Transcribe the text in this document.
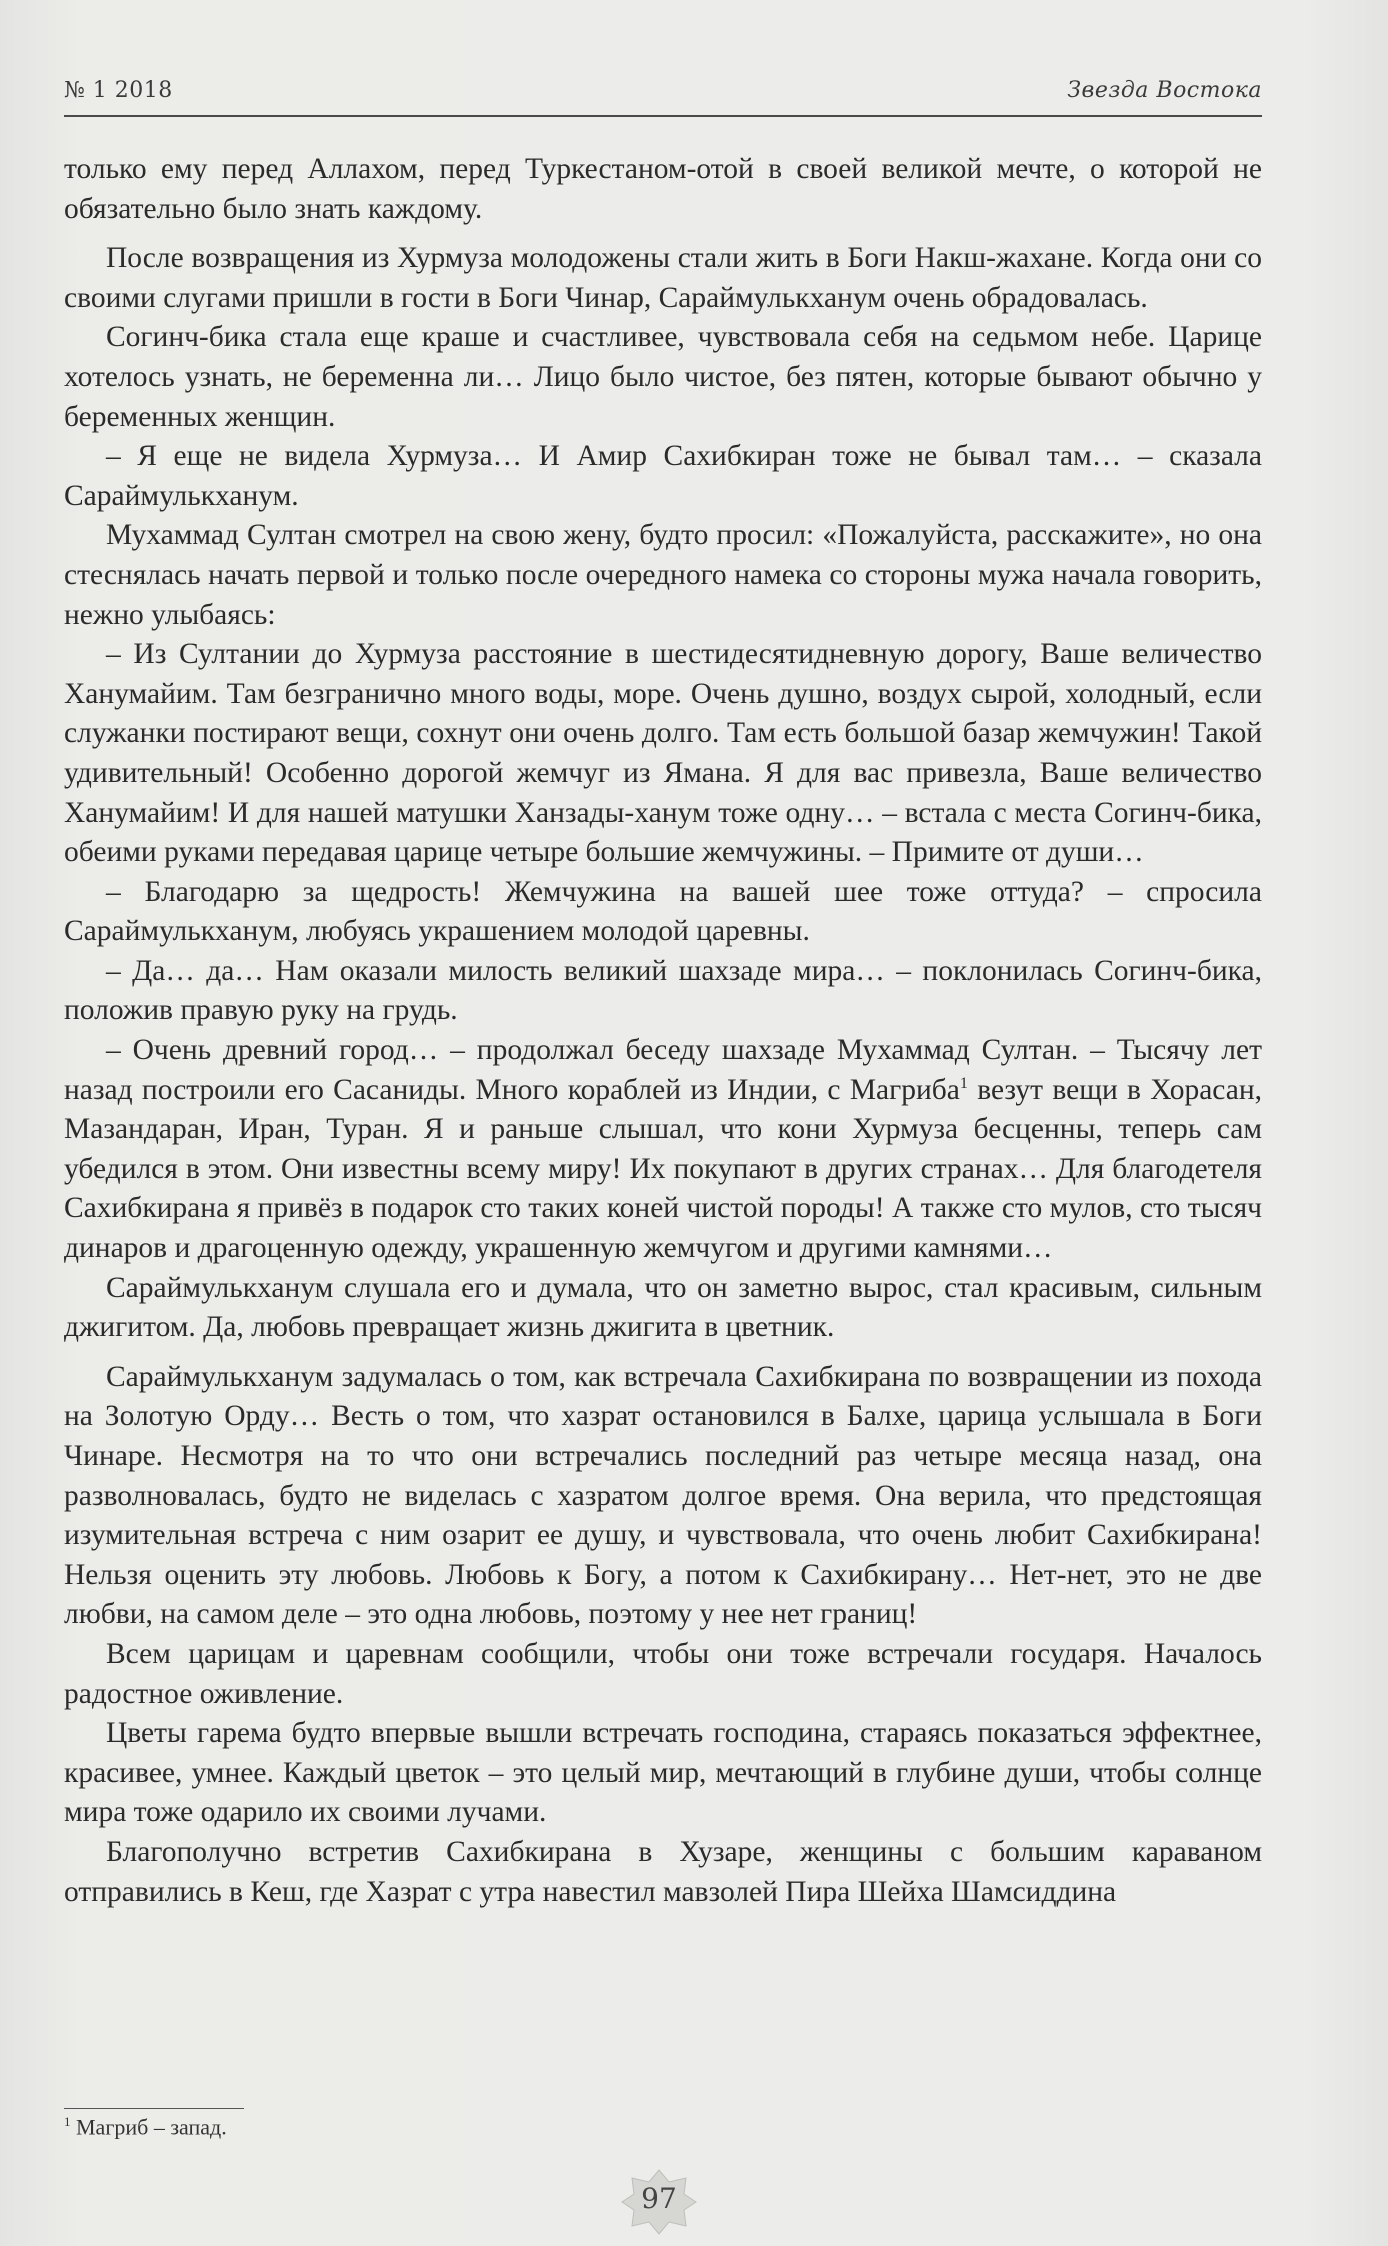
№ 1 2018	Звезда Востока

только ему перед Аллахом, перед Туркестаном-отой в своей великой мечте, о которой не обязательно было знать каждому.

После возвращения из Хурмуза молодожены стали жить в Боги Накш-жахане. Когда они со своими слугами пришли в гости в Боги Чинар, Сараймулькханум очень обрадовалась.

Согинч-бика стала еще краше и счастливее, чувствовала себя на седьмом небе. Царице хотелось узнать, не беременна ли… Лицо было чистое, без пятен, которые бывают обычно у беременных женщин.

– Я еще не видела Хурмуза… И Амир Сахибкиран тоже не бывал там… – сказала Сараймулькханум.

Мухаммад Султан смотрел на свою жену, будто просил: «Пожалуйста, расскажите», но она стеснялась начать первой и только после очередного намека со стороны мужа начала говорить, нежно улыбаясь:

– Из Султании до Хурмуза расстояние в шестидесятидневную дорогу, Ваше величество Ханумайим. Там безгранично много воды, море. Очень душно, воздух сырой, холодный, если служанки постирают вещи, сохнут они очень долго. Там есть большой базар жемчужин! Такой удивительный! Особенно дорогой жемчуг из Ямана. Я для вас привезла, Ваше величество Ханумайим! И для нашей матушки Ханзады-ханум тоже одну… – встала с места Согинч-бика, обеими руками передавая царице четыре большие жемчужины. – Примите от души…

– Благодарю за щедрость! Жемчужина на вашей шее тоже оттуда? – спросила Сараймулькханум, любуясь украшением молодой царевны.

– Да… да… Нам оказали милость великий шахзаде мира… – поклонилась Согинч-бика, положив правую руку на грудь.

– Очень древний город… – продолжал беседу шахзаде Мухаммад Султан. – Тысячу лет назад построили его Сасаниды. Много кораблей из Индии, с Магриба$^1$ везут вещи в Хорасан, Мазандаран, Иран, Туран. Я и раньше слышал, что кони Хурмуза бесценны, теперь сам убедился в этом. Они известны всему миру! Их покупают в других странах… Для благодетеля Сахибкирана я привёз в подарок сто таких коней чистой породы! А также сто мулов, сто тысяч динаров и драгоценную одежду, украшенную жемчугом и другими камнями…

Сараймулькханум слушала его и думала, что он заметно вырос, стал красивым, сильным джигитом. Да, любовь превращает жизнь джигита в цветник.

Сараймулькханум задумалась о том, как встречала Сахибкирана по возвращении из похода на Золотую Орду… Весть о том, что хазрат остановился в Балхе, царица услышала в Боги Чинаре. Несмотря на то что они встречались последний раз четыре месяца назад, она разволновалась, будто не виделась с хазратом долгое время. Она верила, что предстоящая изумительная встреча с ним озарит ее душу, и чувствовала, что очень любит Сахибкирана! Нельзя оценить эту любовь. Любовь к Богу, а потом к Сахибкирану… Нет-нет, это не две любви, на самом деле – это одна любовь, поэтому у нее нет границ!

Всем царицам и царевнам сообщили, чтобы они тоже встречали государя. Началось радостное оживление.

Цветы гарема будто впервые вышли встречать господина, стараясь показаться эффектнее, красивее, умнее. Каждый цветок – это целый мир, мечтающий в глубине души, чтобы солнце мира тоже одарило их своими лучами.

Благополучно встретив Сахибкирана в Хузаре, женщины с большим караваном отправились в Кеш, где Хазрат с утра навестил мавзолей Пира Шейха Шамсиддина

$^1$ Магриб – запад.
97
